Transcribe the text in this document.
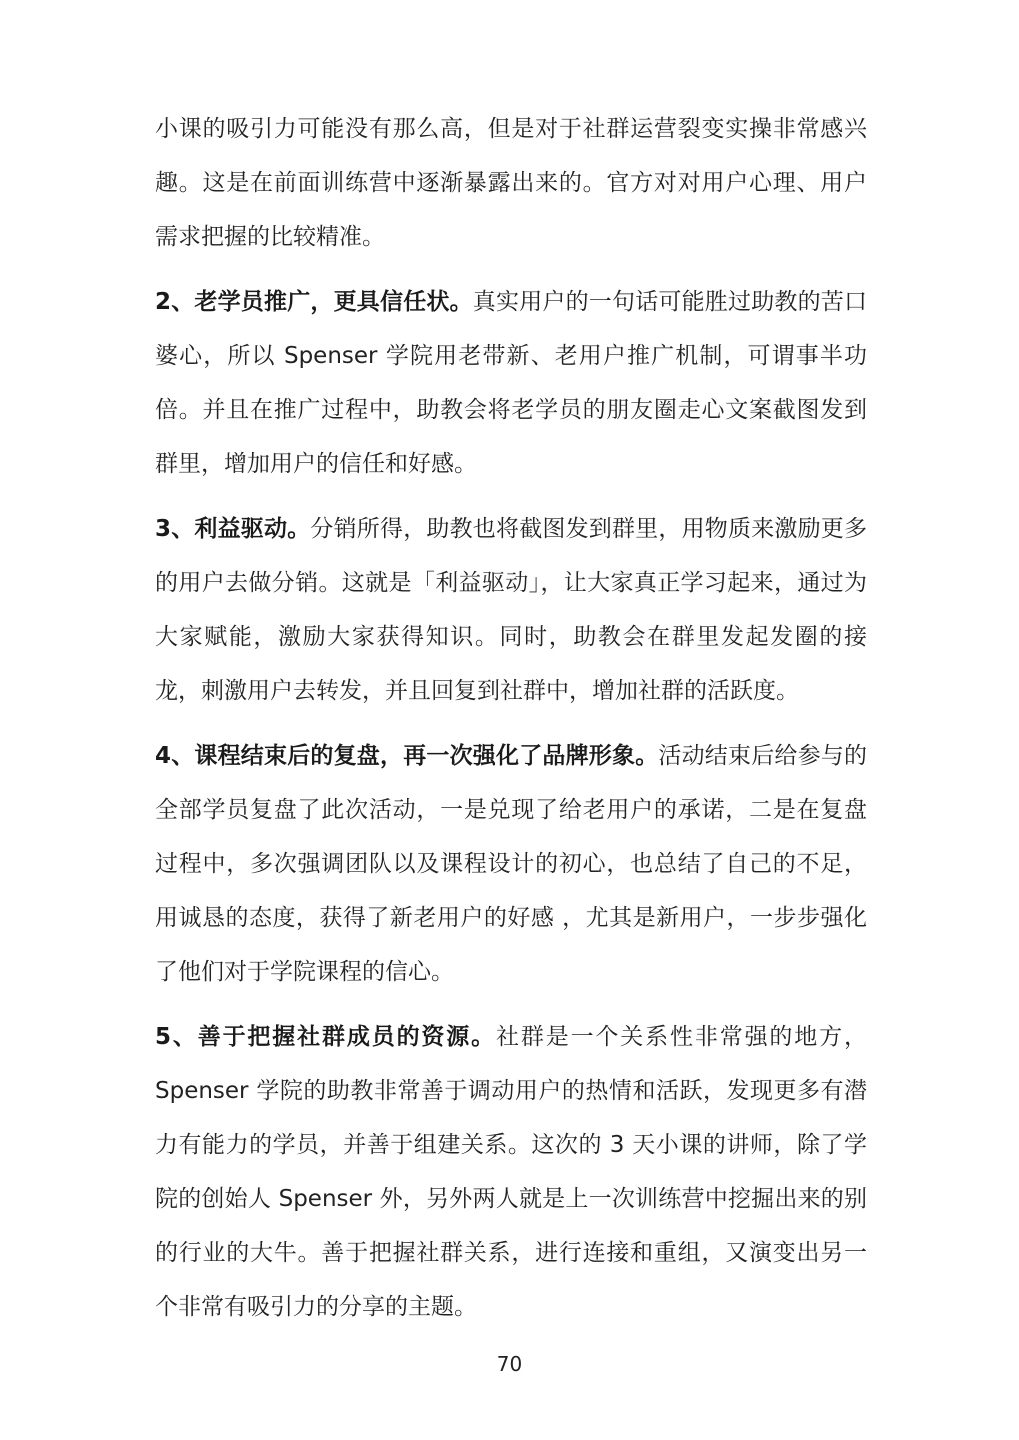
小课的吸引力可能没有那么高，但是对于社群运营裂变实操非常感兴趣。这是在前面训练营中逐渐暴露出来的。官方对对用户心理、用户需求把握的比较精准。

2、老学员推广，更具信任状。真实用户的一句话可能胜过助教的苦口婆心，所以 Spenser 学院用老带新、老用户推广机制，可谓事半功倍。并且在推广过程中，助教会将老学员的朋友圈走心文案截图发到群里，增加用户的信任和好感。

3、利益驱动。分销所得，助教也将截图发到群里，用物质来激励更多的用户去做分销。这就是「利益驱动」，让大家真正学习起来，通过为大家赋能，激励大家获得知识。同时，助教会在群里发起发圈的接龙，刺激用户去转发，并且回复到社群中，增加社群的活跃度。

4、课程结束后的复盘，再一次强化了品牌形象。活动结束后给参与的全部学员复盘了此次活动，一是兑现了给老用户的承诺，二是在复盘过程中，多次强调团队以及课程设计的初心，也总结了自己的不足，用诚恳的态度，获得了新老用户的好感 ，尤其是新用户，一步步强化了他们对于学院课程的信心。

5、善于把握社群成员的资源。社群是一个关系性非常强的地方，Spenser 学院的助教非常善于调动用户的热情和活跃，发现更多有潜力有能力的学员，并善于组建关系。这次的 3 天小课的讲师，除了学院的创始人 Spenser 外，另外两人就是上一次训练营中挖掘出来的别的行业的大牛。善于把握社群关系，进行连接和重组，又演变出另一个非常有吸引力的分享的主题。

70
